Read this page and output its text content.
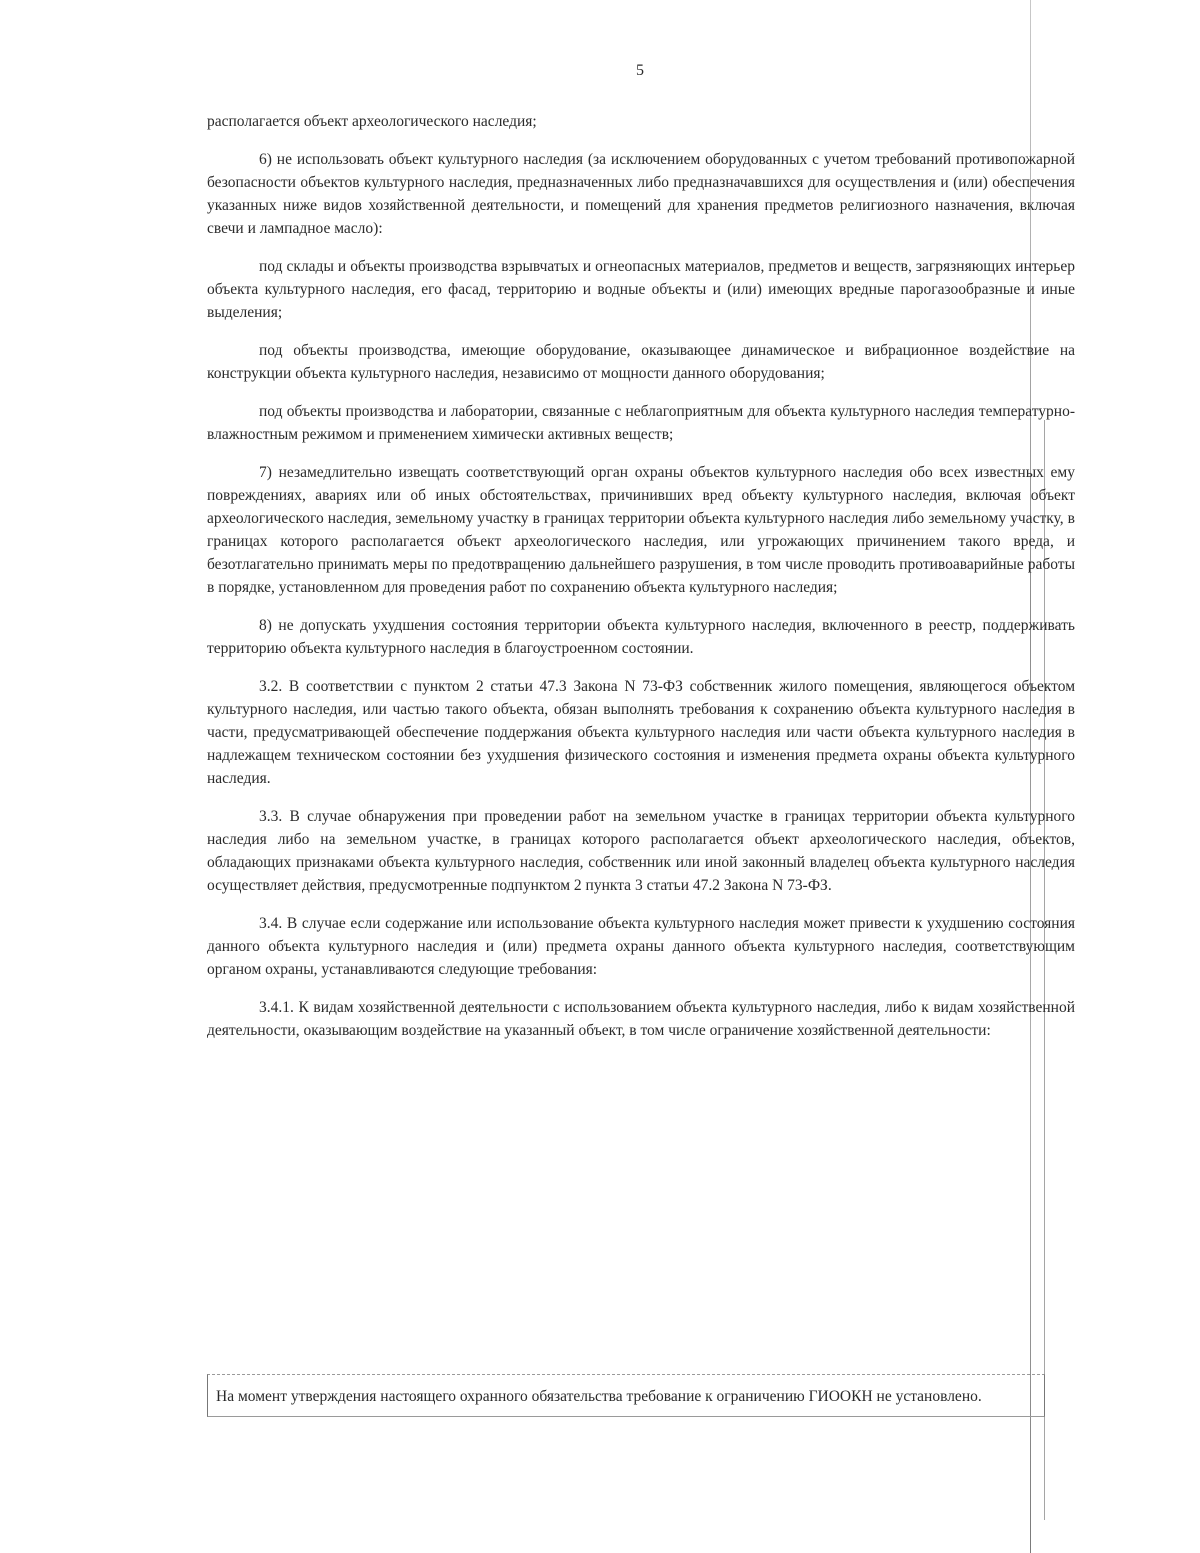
5

располагается объект археологического наследия;

6) не использовать объект культурного наследия (за исключением оборудованных с учетом требований противопожарной безопасности объектов культурного наследия, предназначенных либо предназначавшихся для осуществления и (или) обеспечения указанных ниже видов хозяйственной деятельности, и помещений для хранения предметов религиозного назначения, включая свечи и лампадное масло):

под склады и объекты производства взрывчатых и огнеопасных материалов, предметов и веществ, загрязняющих интерьер объекта культурного наследия, его фасад, территорию и водные объекты и (или) имеющих вредные парогазообразные и иные выделения;

под объекты производства, имеющие оборудование, оказывающее динамическое и вибрационное воздействие на конструкции объекта культурного наследия, независимо от мощности данного оборудования;

под объекты производства и лаборатории, связанные с неблагоприятным для объекта культурного наследия температурно-влажностным режимом и применением химически активных веществ;

7) незамедлительно извещать соответствующий орган охраны объектов культурного наследия обо всех известных ему повреждениях, авариях или об иных обстоятельствах, причинивших вред объекту культурного наследия, включая объект археологического наследия, земельному участку в границах территории объекта культурного наследия либо земельному участку, в границах которого располагается объект археологического наследия, или угрожающих причинением такого вреда, и безотлагательно принимать меры по предотвращению дальнейшего разрушения, в том числе проводить противоаварийные работы в порядке, установленном для проведения работ по сохранению объекта культурного наследия;

8) не допускать ухудшения состояния территории объекта культурного наследия, включенного в реестр, поддерживать территорию объекта культурного наследия в благоустроенном состоянии.

3.2. В соответствии с пунктом 2 статьи 47.3 Закона N 73-ФЗ собственник жилого помещения, являющегося объектом культурного наследия, или частью такого объекта, обязан выполнять требования к сохранению объекта культурного наследия в части, предусматривающей обеспечение поддержания объекта культурного наследия или части объекта культурного наследия в надлежащем техническом состоянии без ухудшения физического состояния и изменения предмета охраны объекта культурного наследия.

3.3. В случае обнаружения при проведении работ на земельном участке в границах территории объекта культурного наследия либо на земельном участке, в границах которого располагается объект археологического наследия, объектов, обладающих признаками объекта культурного наследия, собственник или иной законный владелец объекта культурного наследия осуществляет действия, предусмотренные подпунктом 2 пункта 3 статьи 47.2 Закона N 73-ФЗ.

3.4. В случае если содержание или использование объекта культурного наследия может привести к ухудшению состояния данного объекта культурного наследия и (или) предмета охраны данного объекта культурного наследия, соответствующим органом охраны, устанавливаются следующие требования:

3.4.1. К видам хозяйственной деятельности с использованием объекта культурного наследия, либо к видам хозяйственной деятельности, оказывающим воздействие на указанный объект, в том числе ограничение хозяйственной деятельности:

На момент утверждения настоящего охранного обязательства требование к ограничению ГИООКН не установлено.
